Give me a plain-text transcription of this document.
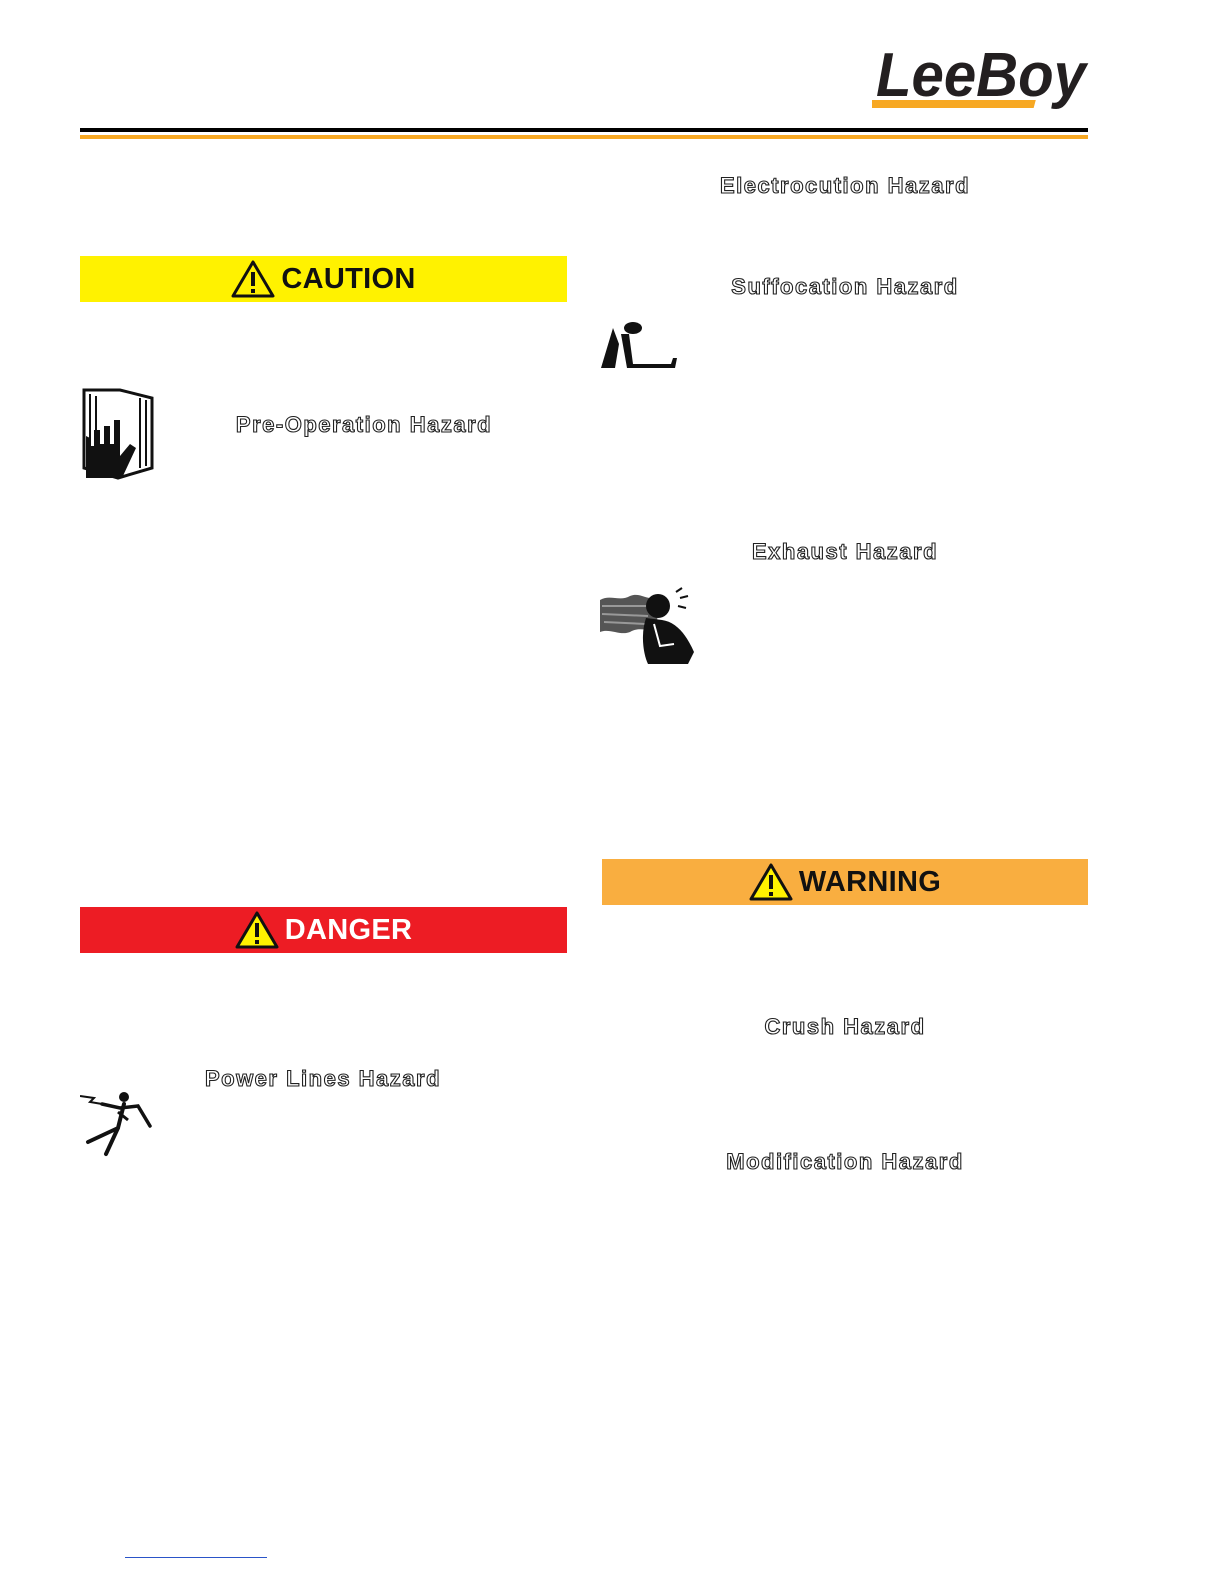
LeeBoy
CAUTION
Pre-Operation Hazard
DANGER
Power Lines Hazard
Electrocution Hazard
Suffocation Hazard
Exhaust Hazard
WARNING
Crush Hazard
Modification Hazard
